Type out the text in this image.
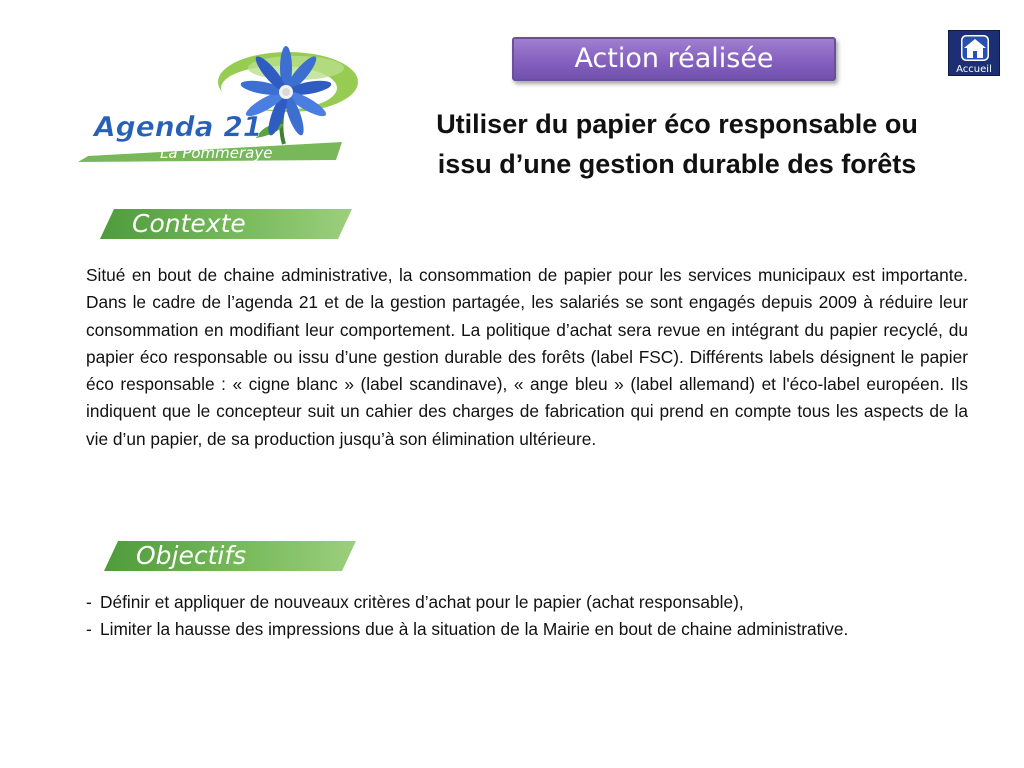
Agenda 21
La Pommeraye
Action réalisée	Accueil
Utiliser du papier éco responsable ou
issu d’une gestion durable des forêts
Contexte

Situé en bout de chaine administrative, la consommation de papier pour les services municipaux est importante. Dans le cadre de l’agenda 21 et de la gestion partagée, les salariés se sont engagés depuis 2009 à réduire leur consommation en modifiant leur comportement. La politique d’achat sera revue en intégrant du papier recyclé, du papier éco responsable ou issu d’une gestion durable des forêts (label FSC). Différents labels désignent le papier éco responsable : « cigne blanc » (label scandinave), « ange bleu » (label allemand) et l'éco-label européen. Ils indiquent que le concepteur suit un cahier des charges de fabrication qui prend en compte tous les aspects de la vie d’un papier, de sa production jusqu’à son élimination ultérieure.

Objectifs
- Définir et appliquer de nouveaux critères d’achat pour le papier (achat responsable),
- Limiter la hausse des impressions due à la situation de la Mairie en bout de chaine administrative.
